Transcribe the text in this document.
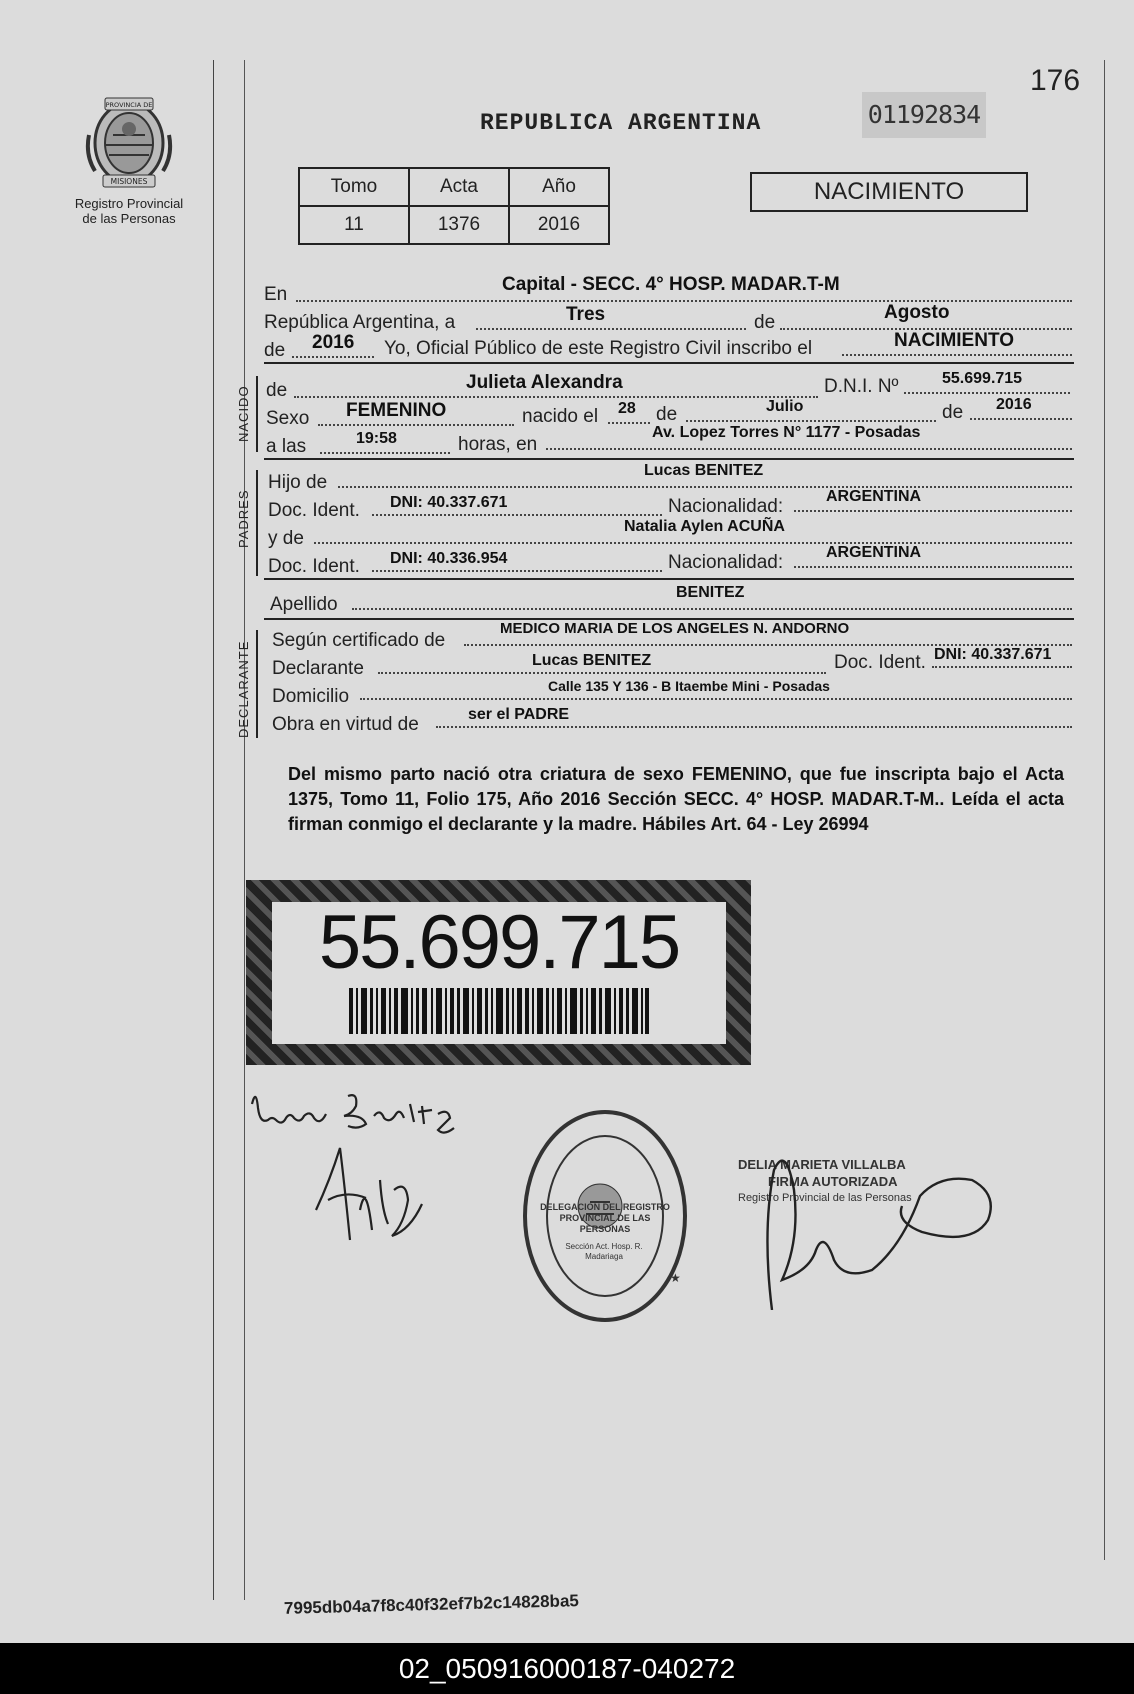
PROVINCIA DE
MISIONES
Registro Provincial
de las Personas
176
REPUBLICA ARGENTINA	01192834
Tomo	Acta	Año
11	1376	2016
NACIMIENTO
En	Capital - SECC. 4° HOSP. MADAR.T-M
República Argentina, a	Tres	de	Agosto
de 2016 Yo, Oficial Público de este Registro Civil inscribo el	NACIMIENTO
NACIDO de	Julieta Alexandra	D.N.I. Nº	55.699.715
Sexo FEMENINO	nacido el 28 de	Julio	de 2016
a las	19:58	horas, en
Av. Lopez Torres N° 1177 - Posadas
PADRES
Hijo de
Lucas BENITEZ
Doc. Ident. DNI: 40.337.671	Nacionalidad:	ARGENTINA
y de
Natalia Aylen ACUÑA
Doc. Ident. DNI: 40.336.954	Nacionalidad:	ARGENTINA
Apellido
BENITEZ
DECLARANTE
Según certificado de
MEDICO MARIA DE LOS ANGELES N. ANDORNO
Declarante	Lucas BENITEZ	Doc. Ident. DNI: 40.337.671
Domicilio	Calle 135 Y 136 - B Itaembe Mini - Posadas
Obra en virtud de	ser el PADRE
Del mismo parto nació otra criatura de sexo FEMENINO, que fue inscripta bajo el Acta 1375, Tomo 11, Folio 175, Año 2016 Sección SECC. 4° HOSP. MADAR.T-M.. Leída el acta firman conmigo el declarante y la madre. Hábiles Art. 64 - Ley 26994
55.699.715
★
DELEGACION DEL REGISTRO PROVINCIAL DE LAS PERSONAS
Sección Act. Hosp. R. Madariaga
DELIA MARIETA VILLALBA
FIRMA AUTORIZADA
Registro Provincial de las Personas
7995db04a7f8c40f32ef7b2c14828ba5
02_050916000187-040272
